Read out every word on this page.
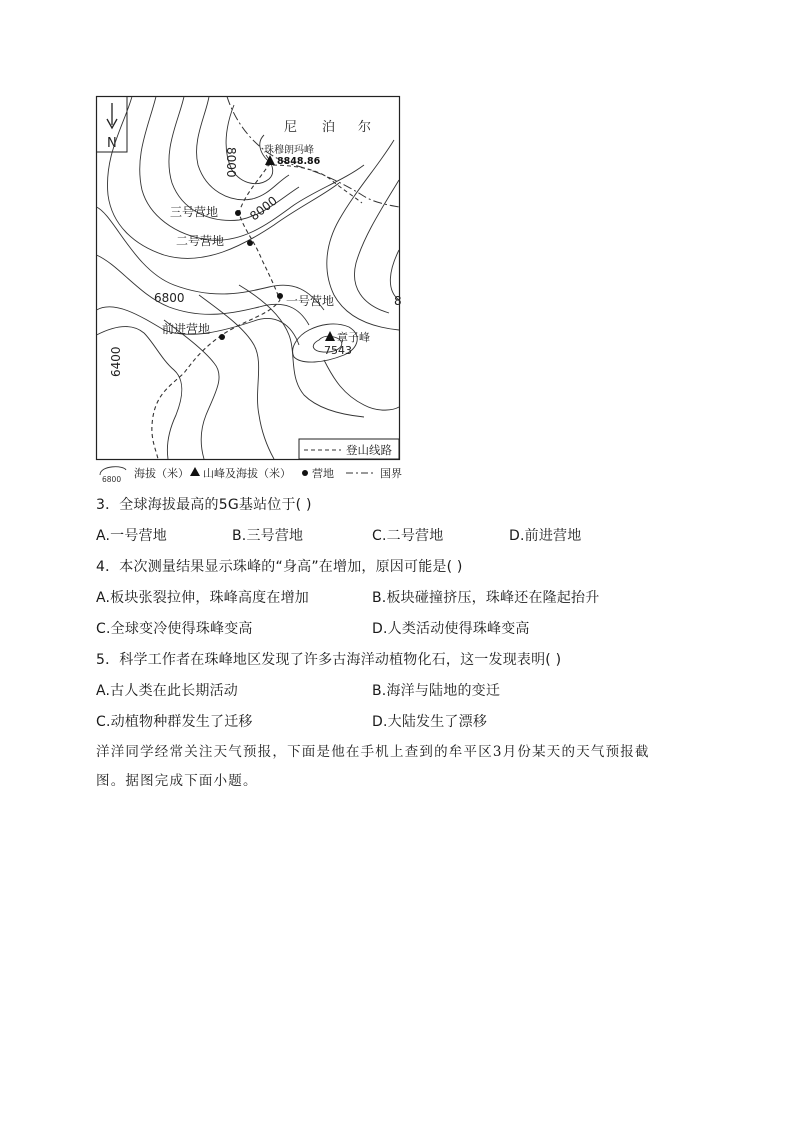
N	珠穆朗玛峰
8848.86
章子峰
7543
三号营地
二号营地
一号营地
前进营地
8000
8000
6800
6400
8
尼 泊 尔
登山线路
6800 海拔（米） 山峰及海拔（米） 营地	国界
3．全球海拔最高的5G基站位于( )
A.一号营地	B.三号营地	C.二号营地	D.前进营地
4．本次测量结果显示珠峰的“身高”在增加，原因可能是( )
A.板块张裂拉伸，珠峰高度在增加	B.板块碰撞挤压，珠峰还在隆起抬升
C.全球变冷使得珠峰变高	D.人类活动使得珠峰变高
5．科学工作者在珠峰地区发现了许多古海洋动植物化石，这一发现表明( )
A.古人类在此长期活动	B.海洋与陆地的变迁
C.动植物种群发生了迁移	D.大陆发生了漂移
洋洋同学经常关注天气预报，下面是他在手机上查到的牟平区3月份某天的天气预报截
图。据图完成下面小题。
